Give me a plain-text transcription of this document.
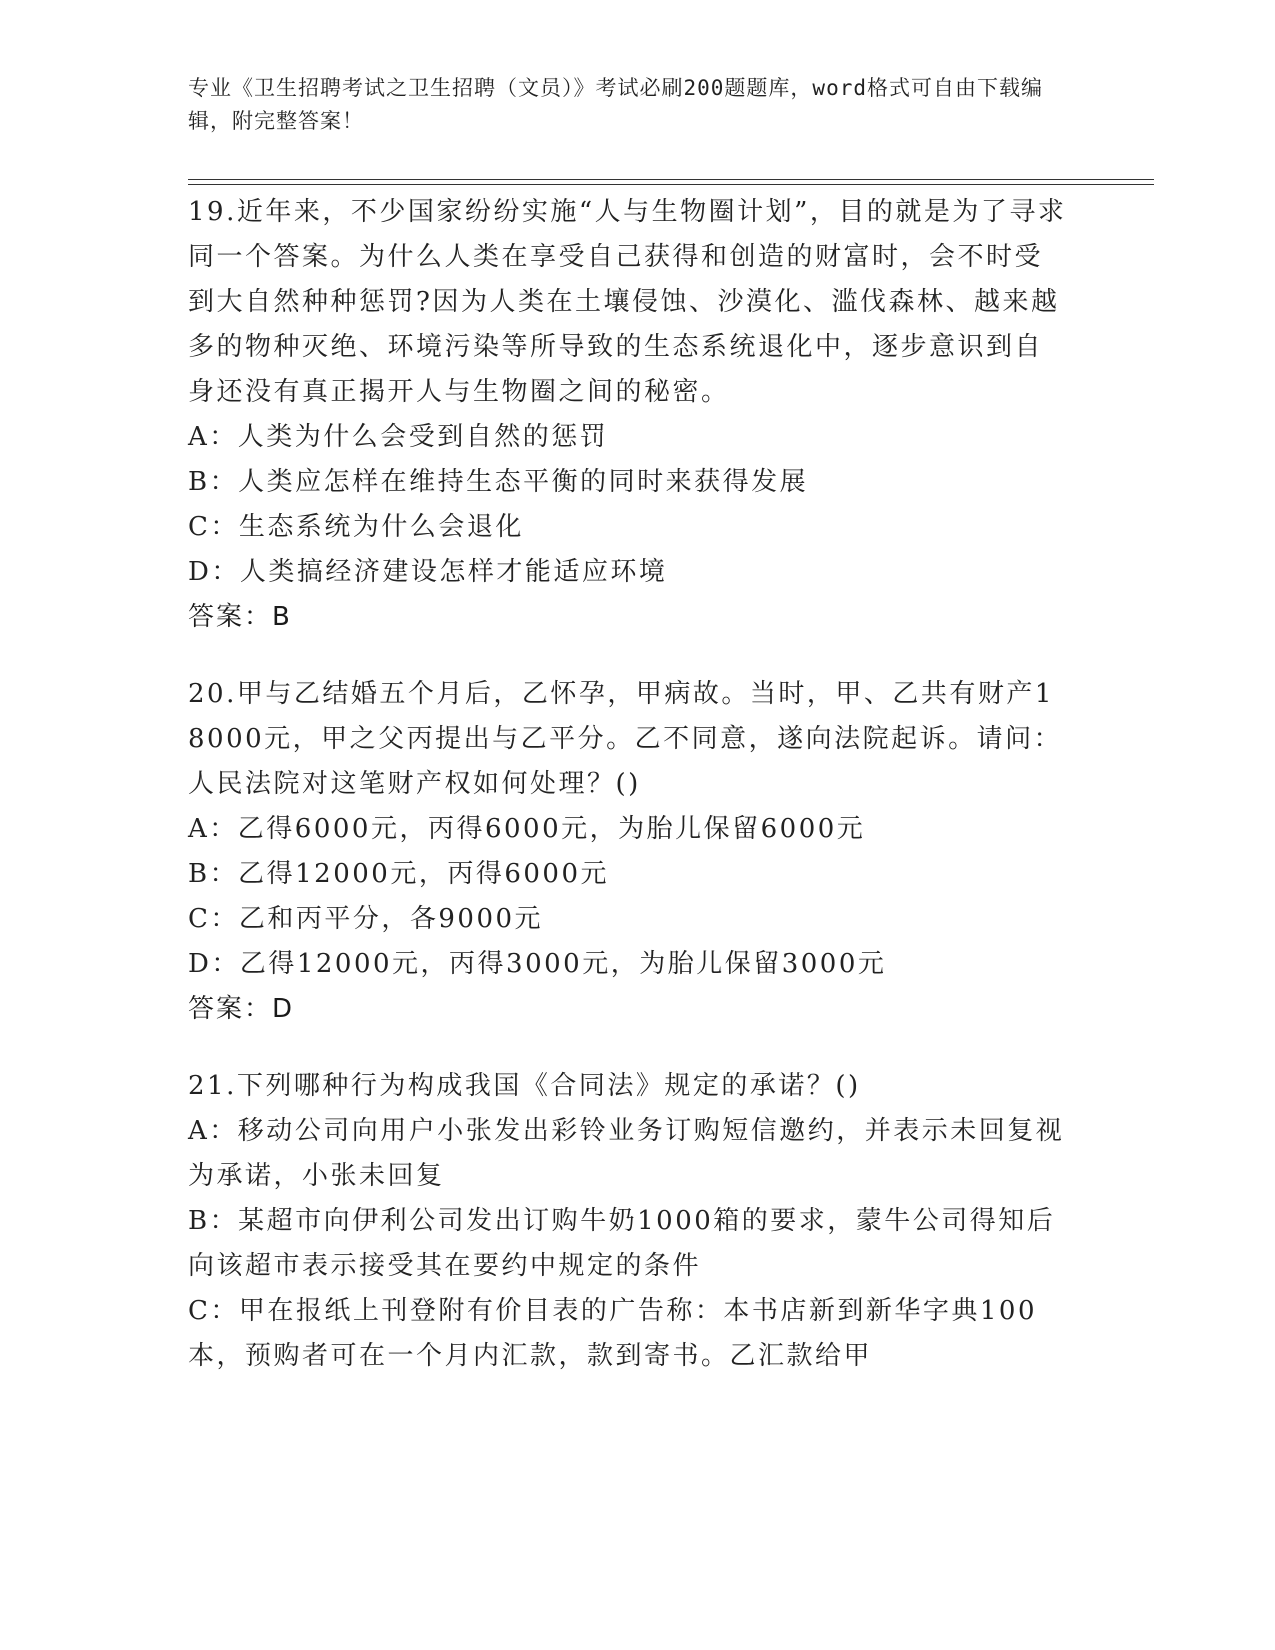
专业《卫生招聘考试之卫生招聘（文员）》考试必刷200题题库，word格式可自由下载编辑，附完整答案！
19.近年来，不少国家纷纷实施“人与生物圈计划”，目的就是为了寻求同一个答案。为什么人类在享受自己获得和创造的财富时，会不时受到大自然种种惩罚?因为人类在土壤侵蚀、沙漠化、滥伐森林、越来越多的物种灭绝、环境污染等所导致的生态系统退化中，逐步意识到自身还没有真正揭开人与生物圈之间的秘密。
A：人类为什么会受到自然的惩罚
B：人类应怎样在维持生态平衡的同时来获得发展
C：生态系统为什么会退化
D：人类搞经济建设怎样才能适应环境
答案：B
20.甲与乙结婚五个月后，乙怀孕，甲病故。当时，甲、乙共有财产18000元，甲之父丙提出与乙平分。乙不同意，遂向法院起诉。请问：人民法院对这笔财产权如何处理？()
A：乙得6000元，丙得6000元，为胎儿保留6000元
B：乙得12000元，丙得6000元
C：乙和丙平分，各9000元
D：乙得12000元，丙得3000元，为胎儿保留3000元
答案：D
21.下列哪种行为构成我国《合同法》规定的承诺？()
A：移动公司向用户小张发出彩铃业务订购短信邀约，并表示未回复视为承诺，小张未回复
B：某超市向伊利公司发出订购牛奶1000箱的要求，蒙牛公司得知后向该超市表示接受其在要约中规定的条件
C：甲在报纸上刊登附有价目表的广告称：本书店新到新华字典100本，预购者可在一个月内汇款，款到寄书。乙汇款给甲
